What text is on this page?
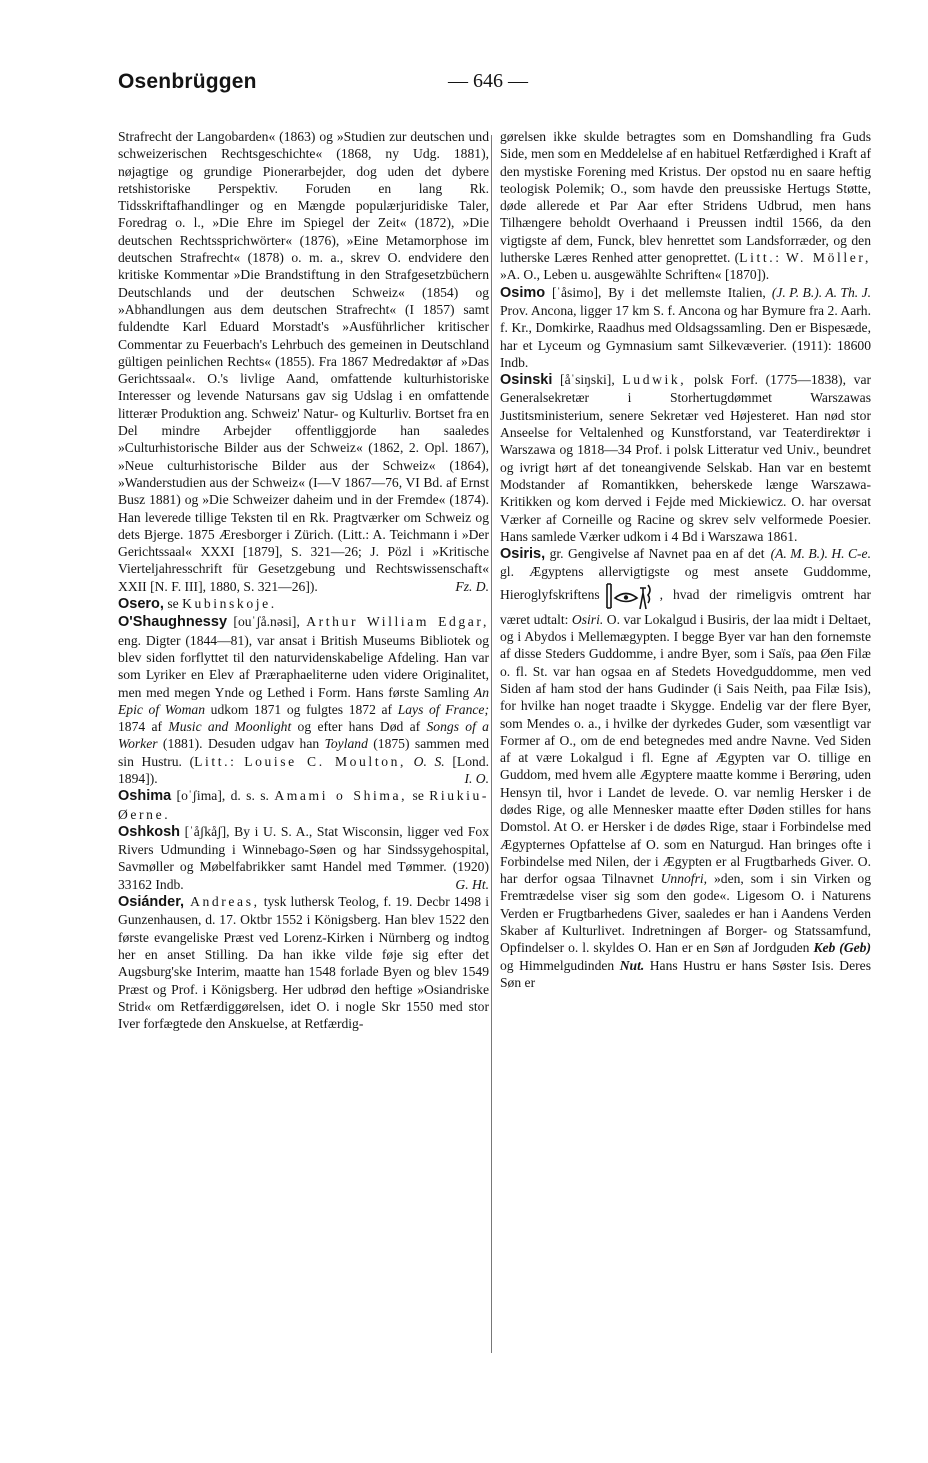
Osenbrüggen	— 646 —

Strafrecht der Langobarden« (1863) og »Studien zur deutschen und schweizerischen Rechtsgeschichte« (1868, ny Udg. 1881), nøjagtige og grundige Pionerarbejder, dog uden det dybere retshistoriske Perspektiv. Foruden en lang Rk. Tidsskriftafhandlinger og en Mængde populærjuridiske Taler, Foredrag o. l., »Die Ehre im Spiegel der Zeit« (1872), »Die deutschen Rechtssprichwörter« (1876), »Eine Metamorphose im deutschen Strafrecht« (1878) o. m. a., skrev O. endvidere den kritiske Kommentar »Die Brandstiftung in den Strafgesetzbüchern Deutschlands und der deutschen Schweiz« (1854) og »Abhandlungen aus dem deutschen Strafrecht« (I 1857) samt fuldendte Karl Eduard Morstadt's »Ausführlicher kritischer Commentar zu Feuerbach's Lehrbuch des gemeinen in Deutschland gültigen peinlichen Rechts« (1855). Fra 1867 Medredaktør af »Das Gerichtssaal«. O.'s livlige Aand, omfattende kulturhistoriske Interesser og levende Natursans gav sig Udslag i en omfattende litterær Produktion ang. Schweiz' Natur- og Kulturliv. Bortset fra en Del mindre Arbejder offentliggjorde han saaledes »Culturhistorische Bilder aus der Schweiz« (1862, 2. Opl. 1867), »Neue culturhistorische Bilder aus der Schweiz« (1864), »Wanderstudien aus der Schweiz« (I—V 1867—76, VI Bd. af Ernst Busz 1881) og »Die Schweizer daheim und in der Fremde« (1874). Han leverede tillige Teksten til en Rk. Pragtværker om Schweiz og dets Bjerge. 1875 Æresborger i Zürich. (Litt.: A. Teichmann i »Der Gerichtssaal« XXXI [1879], S. 321—26; J. Pözl i »Kritische Vierteljahresschrift für Gesetzgebung und Rechtswissenschaft« XXII [N. F. III], 1880, S. 321—26]).	Fz. D.

Osero, se Kubinskoje.

O'Shaughnessy [ouˈʃå.nəsi], Arthur William Edgar, eng. Digter (1844—81), var ansat i British Museums Bibliotek og blev siden forflyttet til den naturvidenskabelige Afdeling. Han var som Lyriker en Elev af Præraphaeliterne uden videre Originalitet, men med megen Ynde og Lethed i Form. Hans første Samling An Epic of Woman udkom 1871 og fulgtes 1872 af Lays of France; 1874 af Music and Moonlight og efter hans Død af Songs of a Worker (1881). Desuden udgav han Toyland (1875) sammen med sin Hustru. (Litt.: Louise C. Moulton, O. S. [Lond. 1894]).	I. O.

Oshima [oˈʃima], d. s. s. Amami o Shima, se Riukiu-Øerne.

Oshkosh [ˈåʃkåʃ], By i U. S. A., Stat Wisconsin, ligger ved Fox Rivers Udmunding i Winnebago-Søen og har Sindssygehospital, Savmøller og Møbelfabrikker samt Handel med Tømmer. (1920) 33162 Indb.	G. Ht.

Osiánder, Andreas, tysk luthersk Teolog, f. 19. Decbr 1498 i Gunzenhausen, d. 17. Oktbr 1552 i Königsberg. Han blev 1522 den første evangeliske Præst ved Lorenz-Kirken i Nürnberg og indtog her en anset Stilling. Da han ikke vilde føje sig efter det Augsburg'ske Interim, maatte han 1548 forlade Byen og blev 1549 Præst og Prof. i Königsberg. Her udbrød den heftige »Osiandriske Strid« om Retfærdiggørelsen, idet O. i nogle Skr 1550 med stor Iver forfægtede den Anskuelse, at Retfærdig-

gørelsen ikke skulde betragtes som en Domshandling fra Guds Side, men som en Meddelelse af en habituel Retfærdighed i Kraft af den mystiske Forening med Kristus. Der opstod nu en saare heftig teologisk Polemik; O., som havde den preussiske Hertugs Støtte, døde allerede et Par Aar efter Stridens Udbrud, men hans Tilhængere beholdt Overhaand i Preussen indtil 1566, da den vigtigste af dem, Funck, blev henrettet som Landsforræder, og den lutherske Læres Renhed atter genoprettet. (Litt.: W. Möller, »A. O., Leben u. ausgewählte Schriften« [1870]).
(J. P. B.). A. Th. J.

Osimo [ˈåsimo], By i det mellemste Italien, Prov. Ancona, ligger 17 km S. f. Ancona og har Bymure fra 2. Aarh. f. Kr., Domkirke, Raadhus med Oldsagssamling. Den er Bispesæde, har et Lyceum og Gymnasium samt Silkevæverier. (1911): 18600 Indb.

Osinski [åˈsiŋski], Ludwik, polsk Forf. (1775—1838), var Generalsekretær i Storhertugdømmet Warszawas Justitsministerium, senere Sekretær ved Højesteret. Han nød stor Anseelse for Veltalenhed og Kunstforstand, var Teaterdirektør i Warszawa og 1818—34 Prof. i polsk Litteratur ved Univ., beundret og ivrigt hørt af det toneangivende Selskab. Han var en bestemt Modstander af Romantikken, beherskede længe Warszawa-Kritikken og kom derved i Fejde med Mickiewicz. O. har oversat Værker af Corneille og Racine og skrev selv velformede Poesier. Hans samlede Værker udkom i 4 Bd i Warszawa 1861.
(A. M. B.). H. C-e.

Osiris, gr. Gengivelse af Navnet paa en af det gl. Ægyptens allervigtigste og mest ansete Guddomme, Hieroglyfskriftens	, hvad der rimeligvis omtrent har været udtalt: Osiri. O. var Lokalgud i Busiris, der laa midt i Deltaet, og i Abydos i Mellemægypten. I begge Byer var han den fornemste af disse Steders Guddomme, i andre Byer, som i Saïs, paa Øen Filæ o. fl. St. var han ogsaa en af Stedets Hovedguddomme, men ved Siden af ham stod der hans Gudinder (i Sais Neith, paa Filæ Isis), for hvilke han noget traadte i Skygge. Endelig var der flere Byer, som Mendes o. a., i hvilke der dyrkedes Guder, som væsentligt var Former af O., om de end betegnedes med andre Navne. Ved Siden af at være Lokalgud i fl. Egne af Ægypten var O. tillige en Guddom, med hvem alle Ægyptere maatte komme i Berøring, uden Hensyn til, hvor i Landet de levede. O. var nemlig Hersker i de dødes Rige, og alle Mennesker maatte efter Døden stilles for hans Domstol. At O. er Hersker i de dødes Rige, staar i Forbindelse med Ægypternes Opfattelse af O. som en Naturgud. Han bringes ofte i Forbindelse med Nilen, der i Ægypten er al Frugtbarheds Giver. O. har derfor ogsaa Tilnavnet Unnofri, »den, som i sin Virken og Fremtrædelse viser sig som den gode«. Ligesom O. i Naturens Verden er Frugtbarhedens Giver, saaledes er han i Aandens Verden Skaber af Kulturlivet. Indretningen af Borger- og Statssamfund, Opfindelser o. l. skyldes O. Han er en Søn af Jordguden Keb (Geb) og Himmelgudinden Nut. Hans Hustru er hans Søster Isis. Deres Søn er
